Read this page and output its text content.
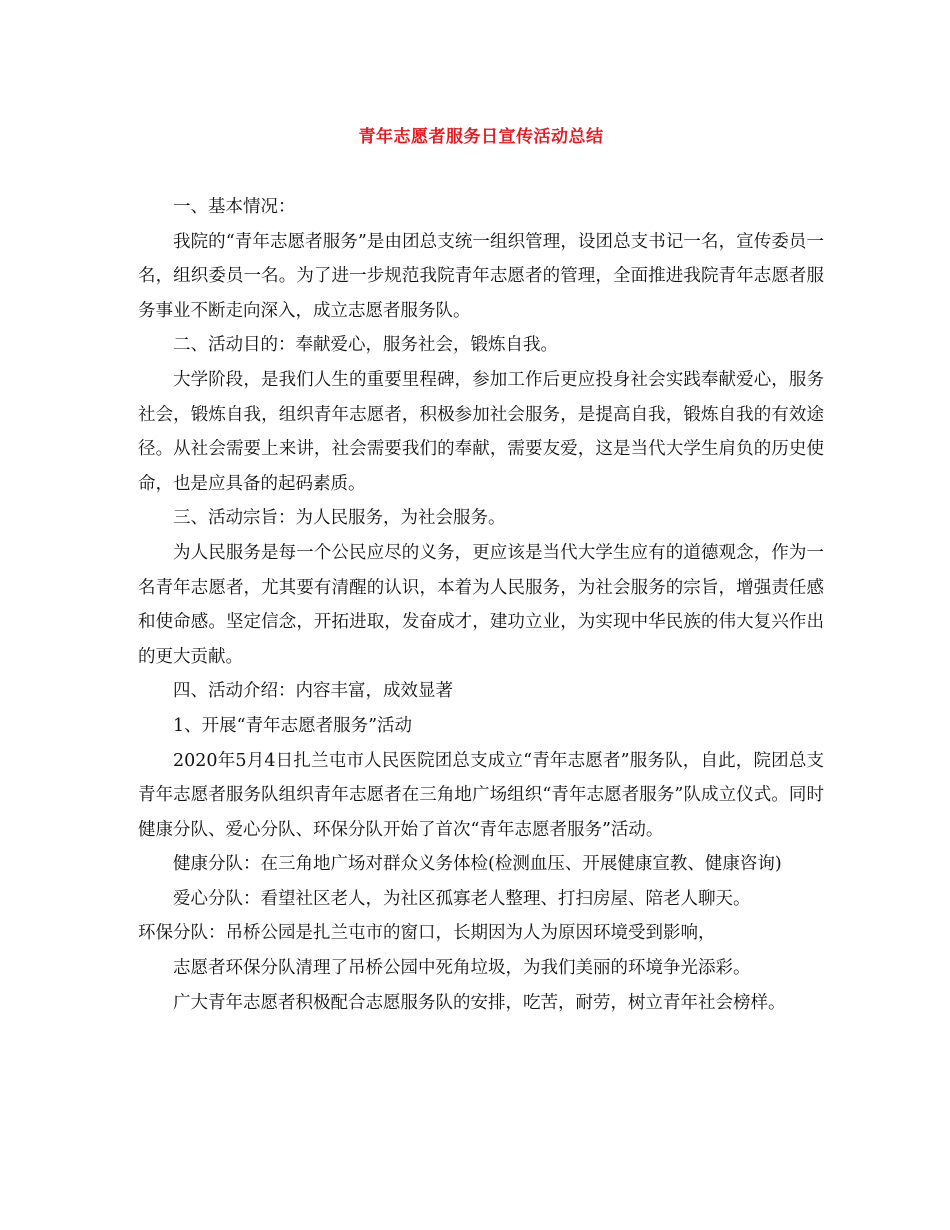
青年志愿者服务日宣传活动总结

一、基本情况：

我院的“青年志愿者服务”是由团总支统一组织管理，设团总支书记一名，宣传委员一名，组织委员一名。为了进一步规范我院青年志愿者的管理，全面推进我院青年志愿者服务事业不断走向深入，成立志愿者服务队。

二、活动目的：奉献爱心，服务社会，锻炼自我。

大学阶段，是我们人生的重要里程碑，参加工作后更应投身社会实践奉献爱心，服务社会，锻炼自我，组织青年志愿者，积极参加社会服务，是提高自我，锻炼自我的有效途径。从社会需要上来讲，社会需要我们的奉献，需要友爱，这是当代大学生肩负的历史使命，也是应具备的起码素质。

三、活动宗旨：为人民服务，为社会服务。

为人民服务是每一个公民应尽的义务，更应该是当代大学生应有的道德观念，作为一名青年志愿者，尤其要有清醒的认识，本着为人民服务，为社会服务的宗旨，增强责任感和使命感。坚定信念，开拓进取，发奋成才，建功立业，为实现中华民族的伟大复兴作出的更大贡献。

四、活动介绍：内容丰富，成效显著

1、开展“青年志愿者服务”活动

2020年5月4日扎兰屯市人民医院团总支成立“青年志愿者”服务队，自此，院团总支青年志愿者服务队组织青年志愿者在三角地广场组织“青年志愿者服务”队成立仪式。同时健康分队、爱心分队、环保分队开始了首次“青年志愿者服务”活动。

健康分队：在三角地广场对群众义务体检(检测血压、开展健康宣教、健康咨询)

爱心分队：看望社区老人，为社区孤寡老人整理、打扫房屋、陪老人聊天。

环保分队：吊桥公园是扎兰屯市的窗口，长期因为人为原因环境受到影响，

志愿者环保分队清理了吊桥公园中死角垃圾，为我们美丽的环境争光添彩。

广大青年志愿者积极配合志愿服务队的安排，吃苦，耐劳，树立青年社会榜样。
